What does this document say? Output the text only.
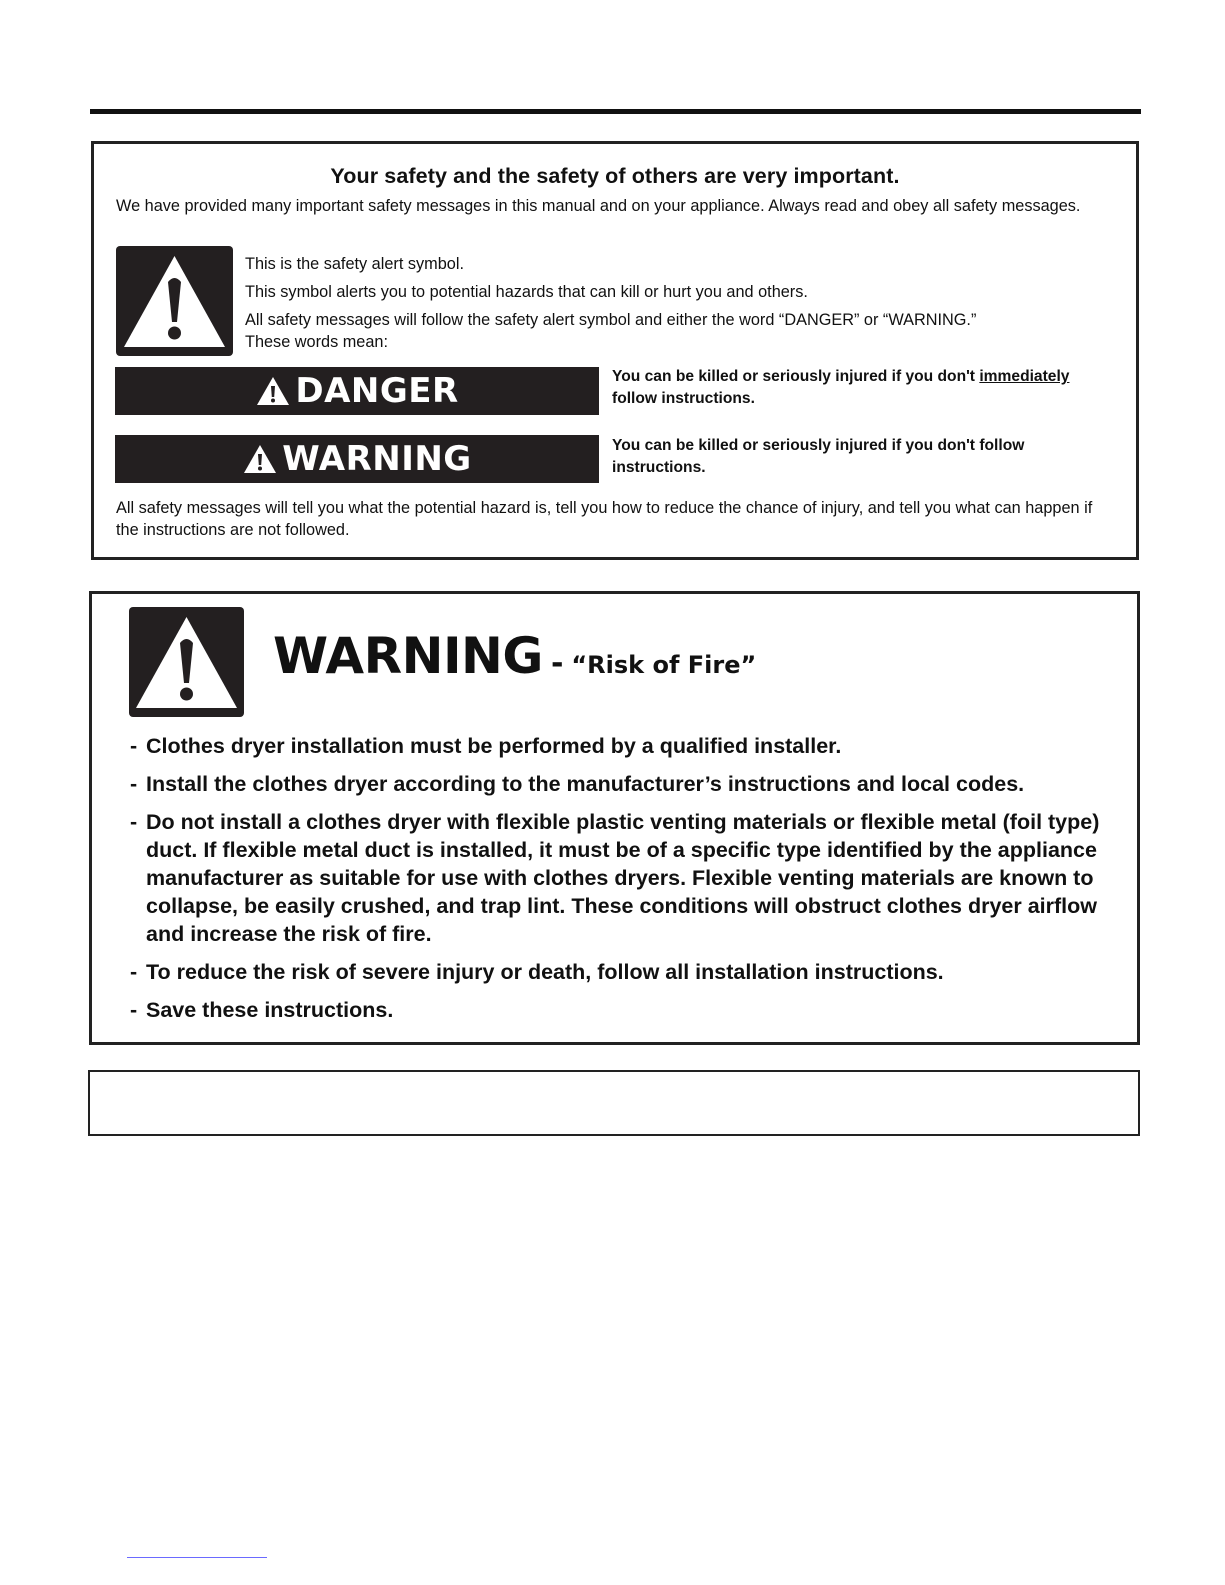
Your safety and the safety of others are very important.
We have provided many important safety messages in this manual and on your appliance. Always read and obey all safety messages.
This is the safety alert symbol.
This symbol alerts you to potential hazards that can kill or hurt you and others.
All safety messages will follow the safety alert symbol and either the word “DANGER” or “WARNING.”
These words mean:
DANGER	You can be killed or seriously injured if you don't immediately
follow instructions.
WARNING	You can be killed or seriously injured if you don't follow instructions.
All safety messages will tell you what the potential hazard is, tell you how to reduce the chance of injury, and tell you what can happen if the instructions are not followed.
WARNING - “Risk of Fire”
- Clothes dryer installation must be performed by a qualified installer.
- Install the clothes dryer according to the manufacturer’s instructions and local codes.
- Do not install a clothes dryer with flexible plastic venting materials or flexible metal (foil type) duct. If flexible metal duct is installed, it must be of a specific type identified by the appliance manufacturer as suitable for use with clothes dryers. Flexible venting materials are known to collapse, be easily crushed, and trap lint. These conditions will obstruct clothes dryer airflow and increase the risk of fire.
- To reduce the risk of severe injury or death, follow all installation instructions.
- Save these instructions.
